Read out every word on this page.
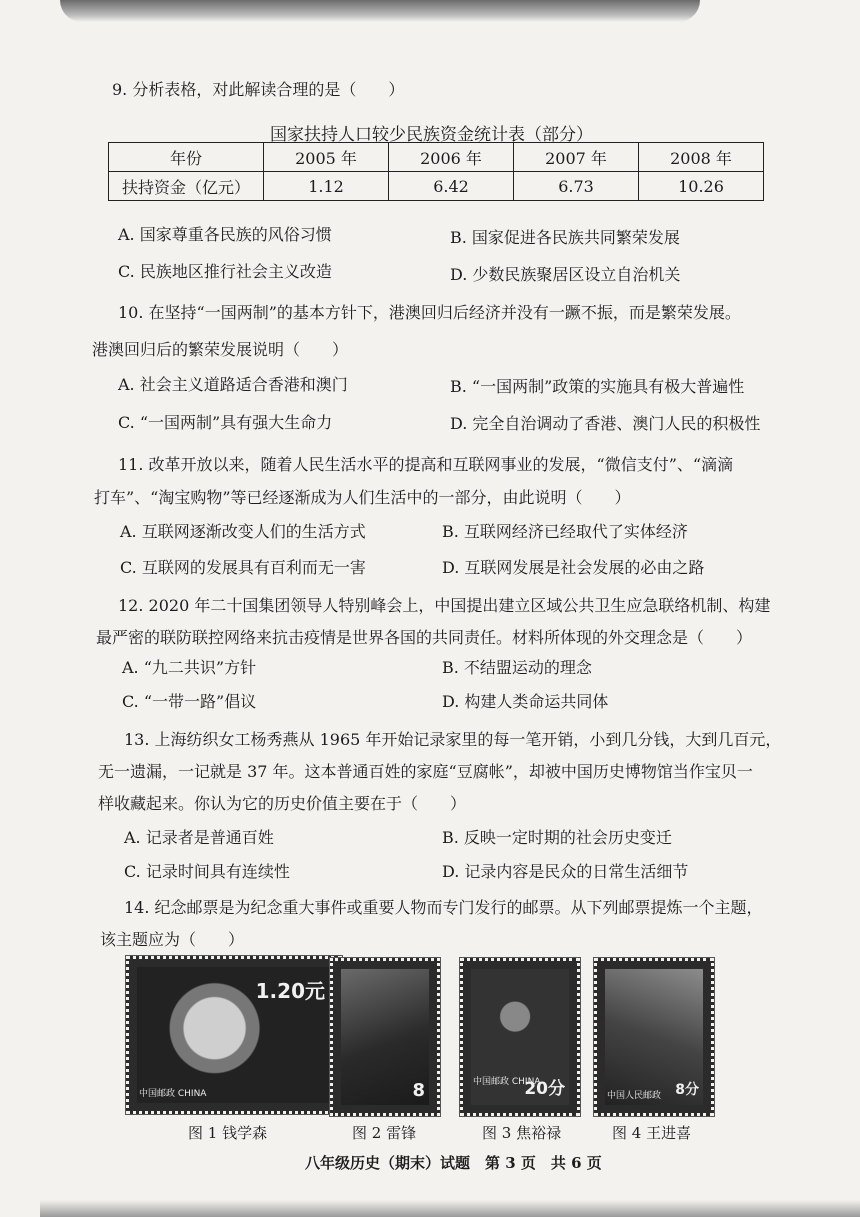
9. 分析表格，对此解读合理的是（　　）
国家扶持人口较少民族资金统计表（部分）
年份	2005 年	2006 年	2007 年	2008 年
扶持资金（亿元）	1.12	6.42	6.73	10.26
A. 国家尊重各民族的风俗习惯	B. 国家促进各民族共同繁荣发展
C. 民族地区推行社会主义改造	D. 少数民族聚居区设立自治机关
10. 在坚持“一国两制”的基本方针下，港澳回归后经济并没有一蹶不振，而是繁荣发展。
港澳回归后的繁荣发展说明（　　）
A. 社会主义道路适合香港和澳门	B. “一国两制”政策的实施具有极大普遍性
C. “一国两制”具有强大生命力	D. 完全自治调动了香港、澳门人民的积极性
11. 改革开放以来，随着人民生活水平的提高和互联网事业的发展，“微信支付”、“滴滴
打车”、“淘宝购物”等已经逐渐成为人们生活中的一部分，由此说明（　　）
A. 互联网逐渐改变人们的生活方式	B. 互联网经济已经取代了实体经济
C. 互联网的发展具有百利而无一害	D. 互联网发展是社会发展的必由之路
12. 2020 年二十国集团领导人特别峰会上，中国提出建立区域公共卫生应急联络机制、构建
最严密的联防联控网络来抗击疫情是世界各国的共同责任。材料所体现的外交理念是（　　）
A. “九二共识”方针	B. 不结盟运动的理念
C. “一带一路”倡议	D. 构建人类命运共同体
13. 上海纺织女工杨秀燕从 1965 年开始记录家里的每一笔开销，小到几分钱，大到几百元，
无一遗漏，一记就是 37 年。这本普通百姓的家庭“豆腐帐”，却被中国历史博物馆当作宝贝一
样收藏起来。你认为它的历史价值主要在于（　　）
A. 记录者是普通百姓	B. 反映一定时期的社会历史变迁
C. 记录时间具有连续性	D. 记录内容是民众的日常生活细节
14. 纪念邮票是为纪念重大事件或重要人物而专门发行的邮票。从下列邮票提炼一个主题，
该主题应为（　　）
1.20元
中国邮政 CHINA	8	20分
中国邮政 CHINA	8分
中国人民邮政
图 1 钱学森	图 2 雷锋	图 3 焦裕禄	图 4 王进喜
八年级历史（期末）试题　第 3 页　共 6 页
